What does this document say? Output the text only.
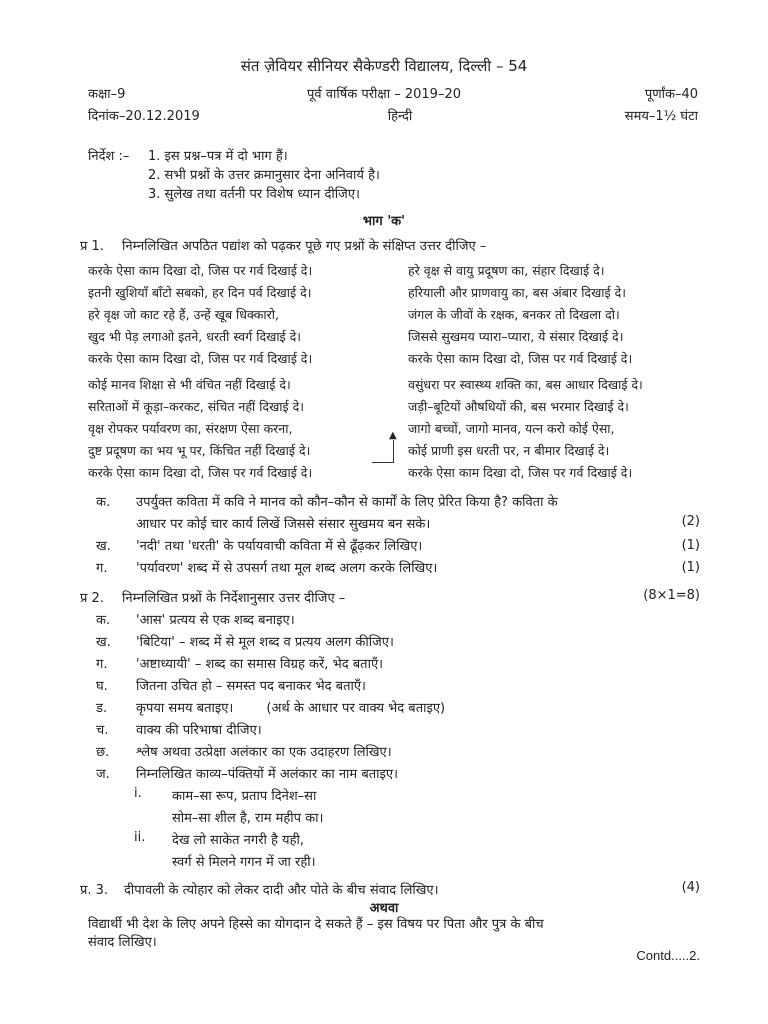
संत ज़ेवियर सीनियर सैकेण्डरी विद्यालय, दिल्ली – 54
कक्षा–9	पूर्व वार्षिक परीक्षा – 2019–20	पूर्णांक–40
दिनांक–20.12.2019	हिन्दी	समय–1½ घंटा
निर्देश :– 1. इस प्रश्न–पत्र में दो भाग हैं।
2. सभी प्रश्नों के उत्तर क्रमानुसार देना अनिवार्य है।
3. सुलेख तथा वर्तनी पर विशेष ध्यान दीजिए।
भाग 'क'
प्र 1. निम्नलिखित अपठित पद्यांश को पढ़कर पूछे गए प्रश्नों के संक्षिप्त उत्तर दीजिए –
करके ऐसा काम दिखा दो, जिस पर गर्व दिखाई दे।
इतनी खुशियाँ बाँटो सबको, हर दिन पर्व दिखाई दे।
हरे वृक्ष जो काट रहे हैं, उन्हें खूब धिक्कारो,
खुद भी पेड़ लगाओ इतने, धरती स्वर्ग दिखाई दे।
करके ऐसा काम दिखा दो, जिस पर गर्व दिखाई दे।
हरे वृक्ष से वायु प्रदूषण का, संहार दिखाई दे।
हरियाली और प्राणवायु का, बस अंबार दिखाई दे।
जंगल के जीवों के रक्षक, बनकर तो दिखला दो।
जिससे सुखमय प्यारा–प्यारा, ये संसार दिखाई दे।
करके ऐसा काम दिखा दो, जिस पर गर्व दिखाई दे।
कोई मानव शिक्षा से भी वंचित नहीं दिखाई दे।
सरिताओं में कूड़ा–करकट, संचित नहीं दिखाई दे।
वृक्ष रोपकर पर्यावरण का, संरक्षण ऐसा करना,
दुष्ट प्रदूषण का भय भू पर, किंचित नहीं दिखाई दे।
करके ऐसा काम दिखा दो, जिस पर गर्व दिखाई दे।
वसुंधरा पर स्वास्थ्य शक्ति का, बस आधार दिखाई दे।
जड़ी–बूटियों औषधियों की, बस भरमार दिखाई दे।
जागो बच्चों, जागो मानव, यत्न करो कोई ऐसा,
कोई प्राणी इस धरती पर, न बीमार दिखाई दे।
करके ऐसा काम दिखा दो, जिस पर गर्व दिखाई दे।
▲
क. उपर्युक्त कविता में कवि ने मानव को कौन–कौन से कार्मों के लिए प्रेरित किया है? कविता के
आधार पर कोई चार कार्य लिखें जिससे संसार सुखमय बन सके।	(2)
ख. 'नदी' तथा 'धरती' के पर्यायवाची कविता में से ढूँढ़कर लिखिए।	(1)
ग. 'पर्यावरण' शब्द में से उपसर्ग तथा मूल शब्द अलग करके लिखिए।	(1)
प्र 2. निम्नलिखित प्रश्नों के निर्देशानुसार उत्तर दीजिए –	(8×1=8)
क. 'आस' प्रत्यय से एक शब्द बनाइए।
ख. 'बिटिया' – शब्द में से मूल शब्द व प्रत्यय अलग कीजिए।
ग. 'अष्टाध्यायी' – शब्द का समास विग्रह करें, भेद बताएँ।
घ. जितना उचित हो – समस्त पद बनाकर भेद बताएँ।
ड. कृपया समय बताइए।        (अर्थ के आधार पर वाक्य भेद बताइए)
च. वाक्य की परिभाषा दीजिए।
छ. श्लेष अथवा उत्प्रेक्षा अलंकार का एक उदाहरण लिखिए।
ज. निम्नलिखित काव्य–पंक्तियों में अलंकार का नाम बताइए।
i. काम–सा रूप, प्रताप दिनेश–सा
सोम–सा शील है, राम महीप का।
ii. देख लो साकेत नगरी है यही,
स्वर्ग से मिलने गगन में जा रही।
प्र. 3. दीपावली के त्योहार को लेकर दादी और पोते के बीच संवाद लिखिए।	(4)
अथवा
विद्यार्थी भी देश के लिए अपने हिस्से का योगदान दे सकते हैं – इस विषय पर पिता और पुत्र के बीच
संवाद लिखिए।
Contd.....2.
